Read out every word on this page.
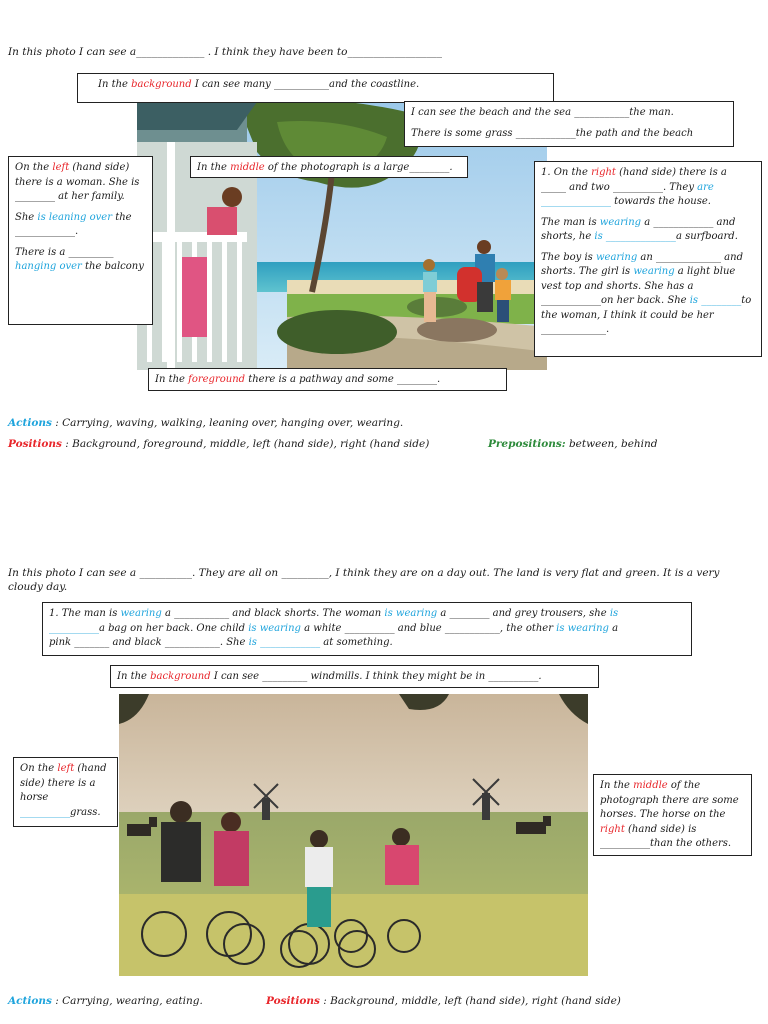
In this photo I can see a_____________ . I think they have been to__________________
In the background I can see many ___________and the coastline.

I can see the beach and the sea ___________the man.

There is some grass ____________the path and the beach

On the left (hand side) there is a woman. She is ________ at her family.

She is leaning over the ____________.

There is a _________ hanging over the balcony

In the middle of the photograph is a large________.	1. On the right (hand side) there is a _____ and two __________. They are ______________ towards the house.

The man is wearing a ____________ and shorts, he is ______________a surfboard.

The boy is wearing an _____________ and shorts. The girl is wearing a light blue vest top and shorts. She has a ____________on her back. She is ________to the woman, I think it could be her _____________.

In the foreground there is a pathway and some ________.
Actions : Carrying, waving, walking, leaning over, hanging over, wearing.
Positions : Background, foreground, middle, left (hand side), right (hand side)	Prepositions: between, behind
In this photo I can see a __________. They are all on _________, I think they are on a day out. The land is very flat and green. It is a very
cloudy day.
1. The man is wearing a ___________ and black shorts. The woman is wearing a ________ and grey trousers, she is
__________a bag on her back. One child is wearing a white __________ and blue ___________, the other is wearing a
pink _______ and black ___________. She is ____________ at something.
In the background I can see _________ windmills. I think they might be in __________.
On the left (hand side) there is a horse __________grass.
In the middle of the photograph there are some horses. The horse on the right (hand side) is __________than the others.
Actions : Carrying, wearing, eating.	Positions : Background, middle, left (hand side), right (hand side)
